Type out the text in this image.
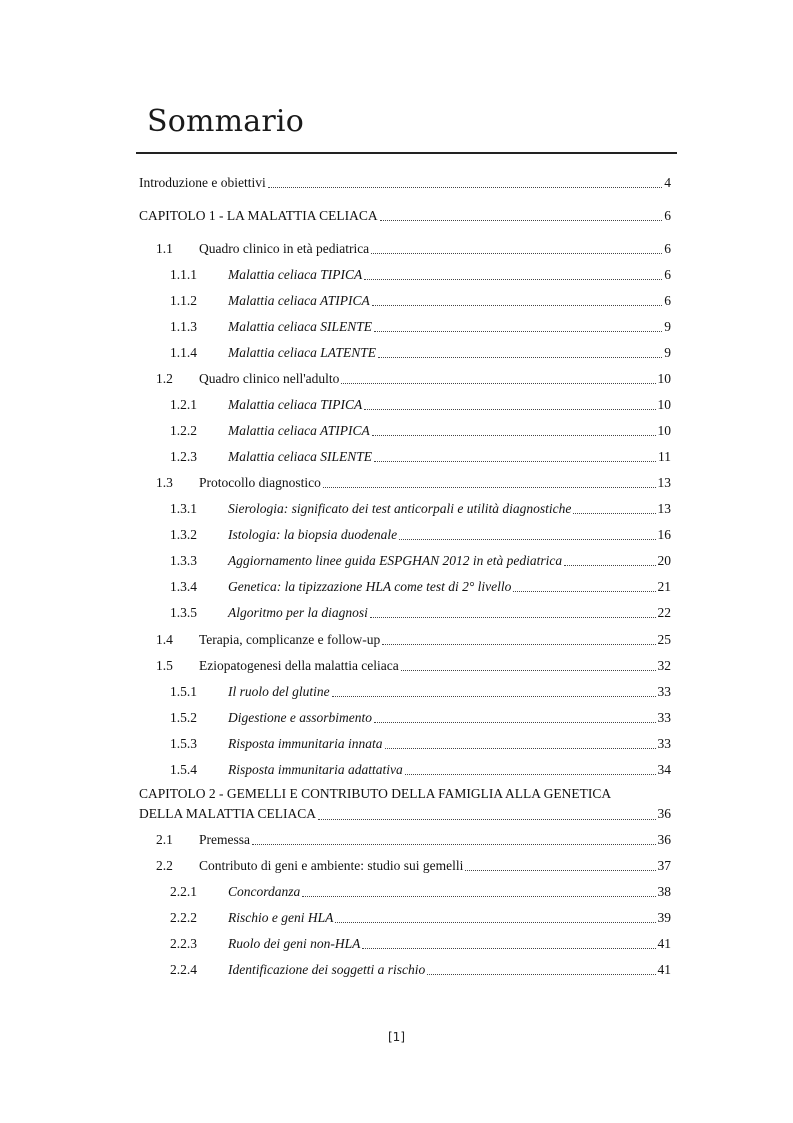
Sommario
Introduzione e obiettivi	4
CAPITOLO 1 - LA MALATTIA CELIACA	6
1.1	Quadro clinico in età pediatrica	6
1.1.1	Malattia celiaca TIPICA	6
1.1.2	Malattia celiaca ATIPICA	6
1.1.3	Malattia celiaca SILENTE	9
1.1.4	Malattia celiaca LATENTE	9
1.2	Quadro clinico nell'adulto	10
1.2.1	Malattia celiaca TIPICA	10
1.2.2	Malattia celiaca ATIPICA	10
1.2.3	Malattia celiaca SILENTE	11
1.3	Protocollo diagnostico	13
1.3.1	Sierologia: significato dei test anticorpali e utilità diagnostiche	13
1.3.2	Istologia: la biopsia duodenale	16
1.3.3	Aggiornamento linee guida ESPGHAN 2012 in età pediatrica	20
1.3.4	Genetica: la tipizzazione HLA come test di 2° livello	21
1.3.5	Algoritmo per la diagnosi	22
1.4	Terapia, complicanze e follow-up	25
1.5	Eziopatogenesi della malattia celiaca	32
1.5.1	Il ruolo del glutine	33
1.5.2	Digestione e assorbimento	33
1.5.3	Risposta immunitaria innata	33
1.5.4	Risposta immunitaria adattativa	34
CAPITOLO 2 - GEMELLI E CONTRIBUTO DELLA FAMIGLIA ALLA GENETICA
DELLA MALATTIA CELIACA	36
2.1	Premessa	36
2.2	Contributo di geni e ambiente: studio sui gemelli	37
2.2.1	Concordanza	38
2.2.2	Rischio e geni HLA	39
2.2.3	Ruolo dei geni non-HLA	41
2.2.4	Identificazione dei soggetti a rischio	41
[1]
